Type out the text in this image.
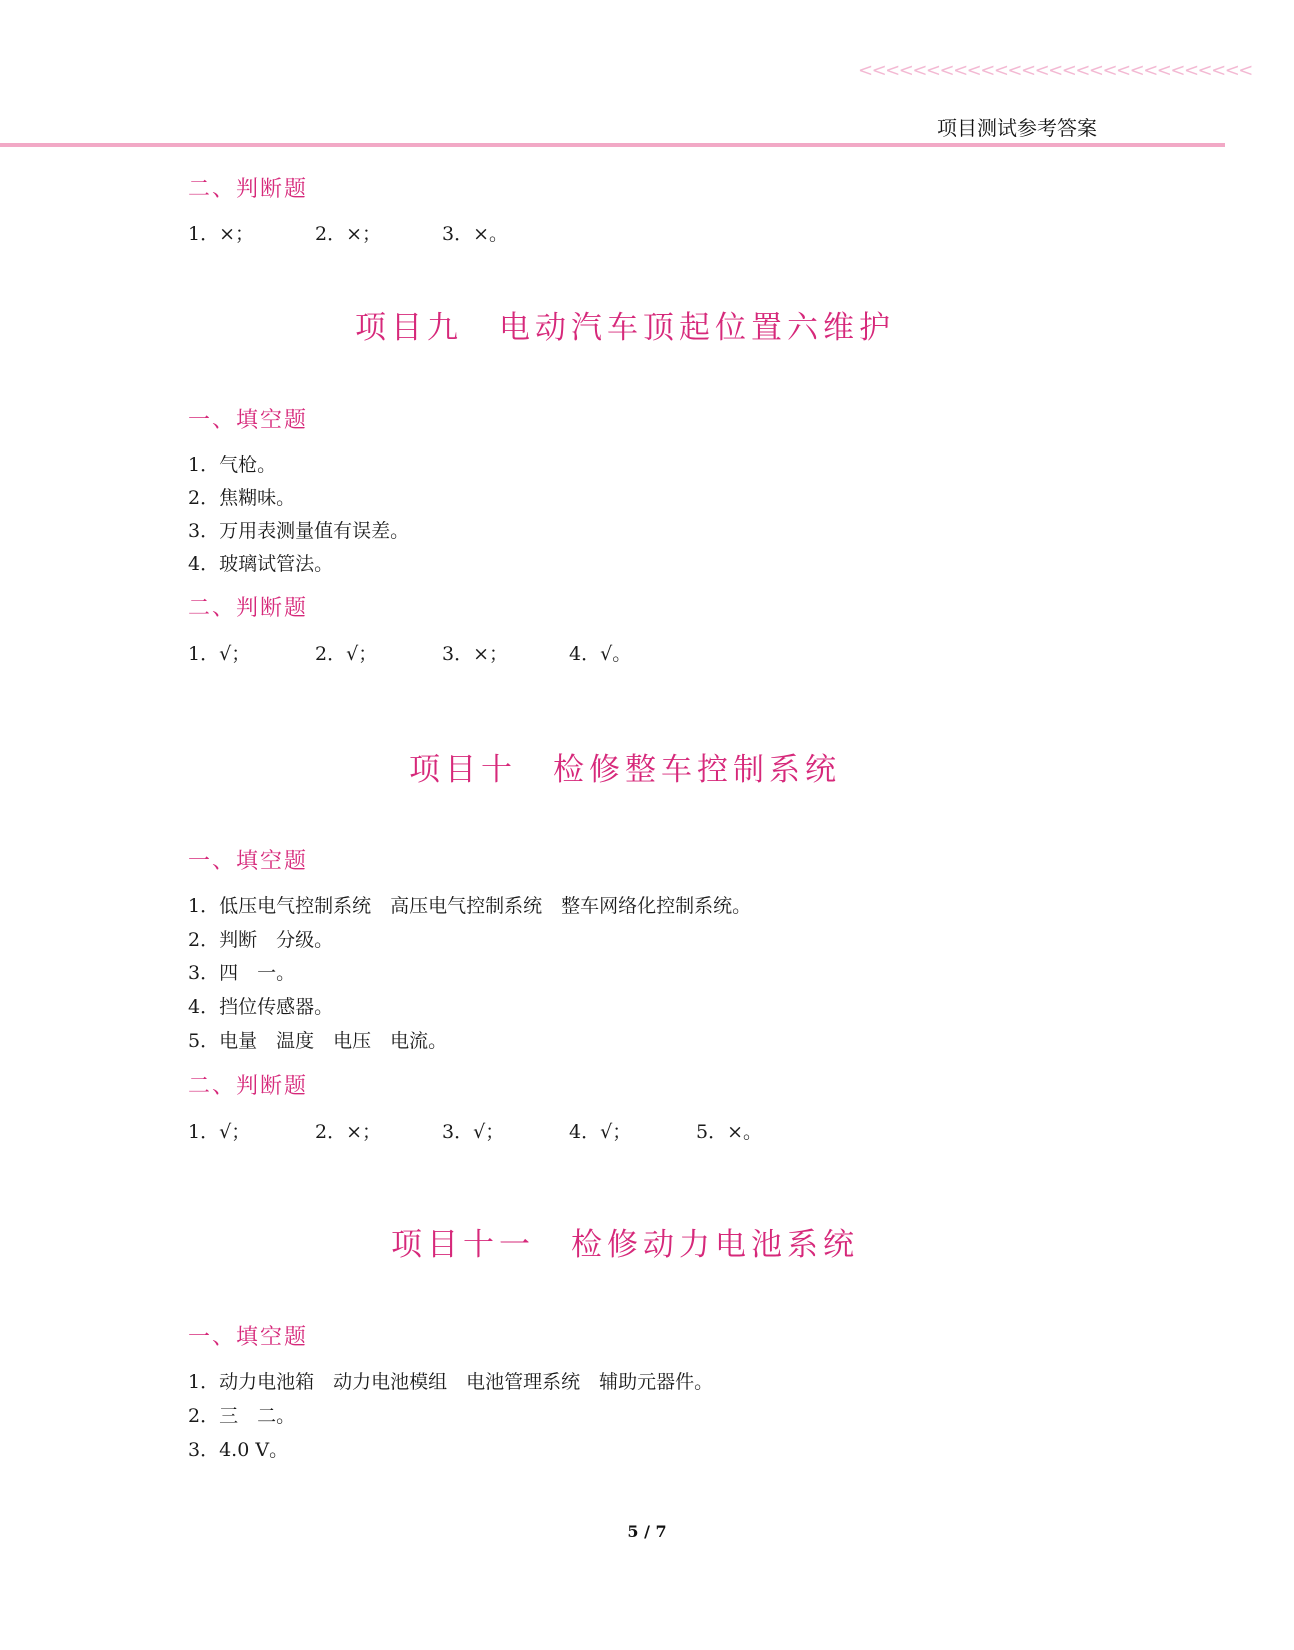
<<<<<<<<<<<<<<<<<<<<<<<<<<<<<
项目测试参考答案
二、判断题
1．×；	2．×；	3．×。
项目九　电动汽车顶起位置六维护
一、填空题
1．气枪。
2．焦糊味。
3．万用表测量值有误差。
4．玻璃试管法。
二、判断题
1．√；	2．√；	3．×；	4．√。
项目十　检修整车控制系统
一、填空题
1．低压电气控制系统　高压电气控制系统　整车网络化控制系统。
2．判断　分级。
3．四　一。
4．挡位传感器。
5．电量　温度　电压　电流。
二、判断题
1．√；	2．×；	3．√；	4．√；	5．×。
项目十一　检修动力电池系统
一、填空题
1．动力电池箱　动力电池模组　电池管理系统　辅助元器件。
2．三　二。
3．4.0 V。
5 / 7
